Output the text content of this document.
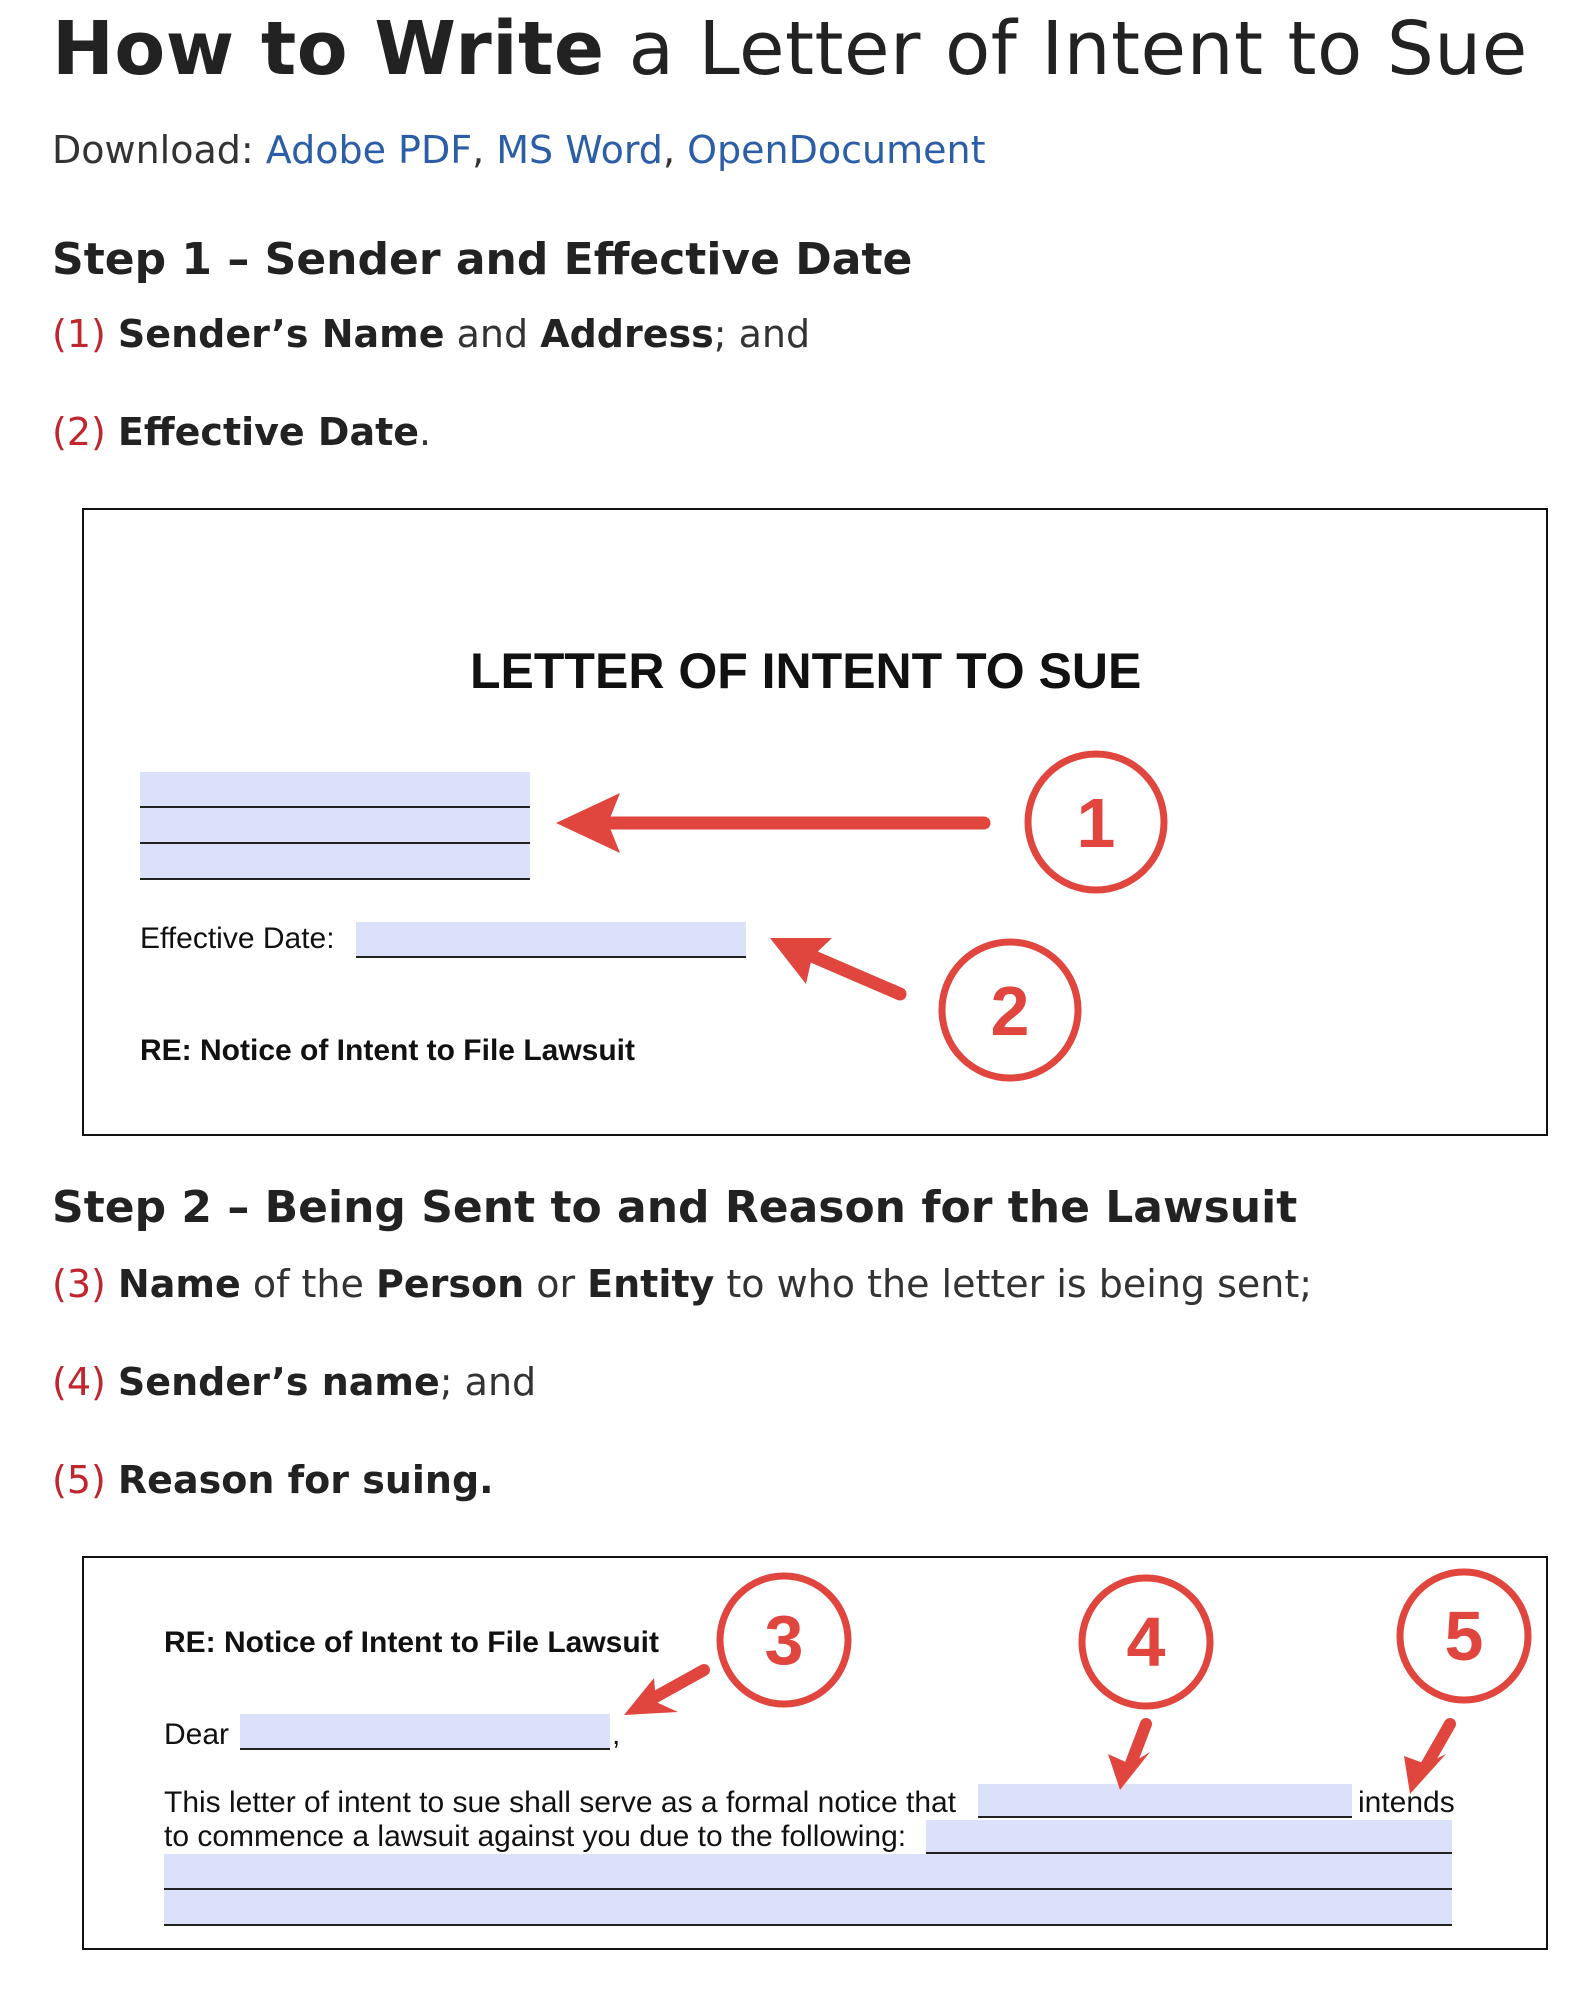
How to Write a Letter of Intent to Sue
Download: Adobe PDF, MS Word, OpenDocument
Step 1 – Sender and Effective Date
(1) Sender’s Name and Address; and
(2) Effective Date.
LETTER OF INTENT TO SUE
Effective Date:
RE: Notice of Intent to File Lawsuit
1
2
Step 2 – Being Sent to and Reason for the Lawsuit
(3) Name of the Person or Entity to who the letter is being sent;
(4) Sender’s name; and
(5) Reason for suing.
RE: Notice of Intent to File Lawsuit
Dear	,
This letter of intent to sue shall serve as a formal notice that	intends
to commence a lawsuit against you due to the following:
3	4	5
